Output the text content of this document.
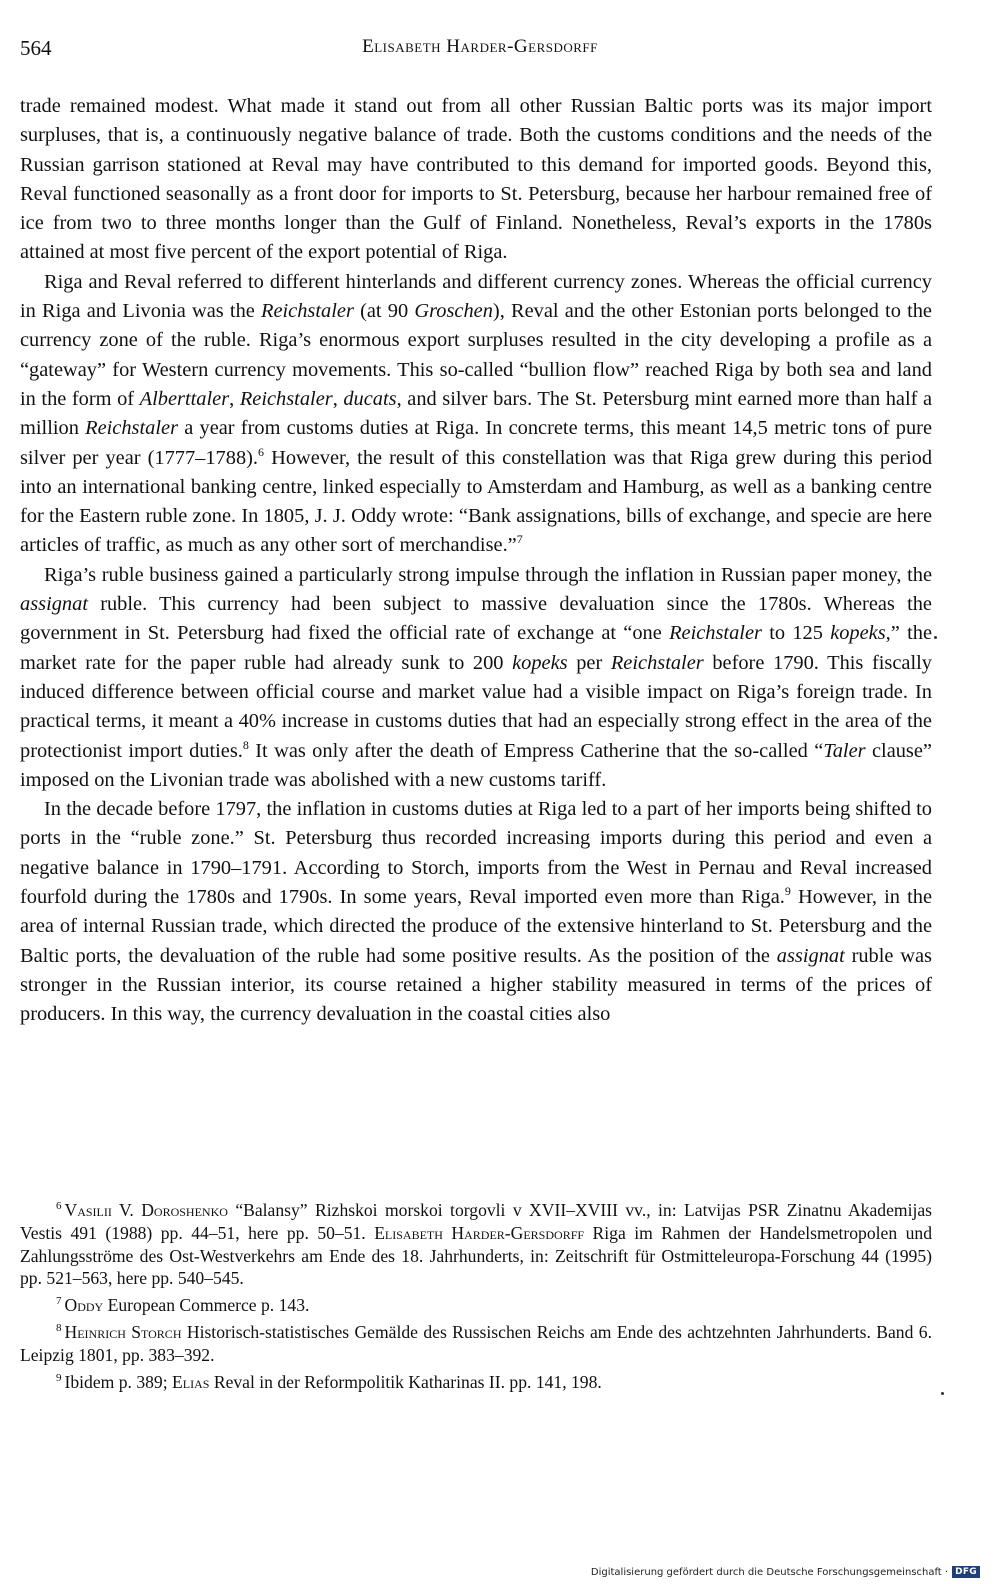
564	Elisabeth Harder-Gersdorff

trade remained modest. What made it stand out from all other Russian Baltic ports was its major import surpluses, that is, a continuously negative balance of trade. Both the customs conditions and the needs of the Russian garrison stationed at Reval may have contributed to this demand for imported goods. Beyond this, Reval functioned seasonally as a front door for imports to St. Petersburg, because her harbour remained free of ice from two to three months longer than the Gulf of Finland. Nonetheless, Reval’s exports in the 1780s attained at most five percent of the export potential of Riga.

Riga and Reval referred to different hinterlands and different currency zones. Whereas the official currency in Riga and Livonia was the Reichstaler (at 90 Groschen), Reval and the other Estonian ports belonged to the currency zone of the ruble. Riga’s enormous export surpluses resulted in the city developing a profile as a “gateway” for Western currency movements. This so-called “bullion flow” reached Riga by both sea and land in the form of Alberttaler, Reichstaler, ducats, and silver bars. The St. Petersburg mint earned more than half a million Reichstaler a year from customs duties at Riga. In concrete terms, this meant 14,5 metric tons of pure silver per year (1777–1788).$^6$ However, the result of this constellation was that Riga grew during this period into an international banking centre, linked especially to Amsterdam and Hamburg, as well as a banking centre for the Eastern ruble zone. In 1805, J. J. Oddy wrote: “Bank assignations, bills of exchange, and specie are here articles of traffic, as much as any other sort of merchandise.”$^7$

Riga’s ruble business gained a particularly strong impulse through the inflation in Russian paper money, the assignat ruble. This currency had been subject to massive devaluation since the 1780s. Whereas the government in St. Petersburg had fixed the official rate of exchange at “one Reichstaler to 125 kopeks,” the market rate for the paper ruble had already sunk to 200 kopeks per Reichstaler before 1790. This fiscally induced difference between official course and market value had a visible impact on Riga’s foreign trade. In practical terms, it meant a 40% increase in customs duties that had an especially strong effect in the area of the protectionist import duties.$^8$ It was only after the death of Empress Catherine that the so-called “Taler clause” imposed on the Livonian trade was abolished with a new customs tariff.

In the decade before 1797, the inflation in customs duties at Riga led to a part of her imports being shifted to ports in the “ruble zone.” St. Petersburg thus recorded increasing imports during this period and even a negative balance in 1790–1791. According to Storch, imports from the West in Pernau and Reval increased fourfold during the 1780s and 1790s. In some years, Reval imported even more than Riga.$^9$ However, in the area of internal Russian trade, which directed the produce of the extensive hinterland to St. Petersburg and the Baltic ports, the devaluation of the ruble had some positive results. As the position of the assignat ruble was stronger in the Russian interior, its course retained a higher stability measured in terms of the prices of producers. In this way, the currency devaluation in the coastal cities also

$^6$ Vasilii V. Doroshenko “Balansy” Rizhskoi morskoi torgovli v XVII–XVIII vv., in: Latvijas PSR Zinatnu Akademijas Vestis 491 (1988) pp. 44–51, here pp. 50–51. Elisabeth Harder-Gersdorff Riga im Rahmen der Handelsmetropolen und Zahlungsströme des Ost-Westverkehrs am Ende des 18. Jahrhunderts, in: Zeitschrift für Ostmitteleuropa-Forschung 44 (1995) pp. 521–563, here pp. 540–545.

$^7$ Oddy European Commerce p. 143.

$^8$ Heinrich Storch Historisch-statistisches Gemälde des Russischen Reichs am Ende des achtzehnten Jahrhunderts. Band 6. Leipzig 1801, pp. 383–392.

$^9$ Ibidem p. 389; Elias Reval in der Reformpolitik Katharinas II. pp. 141, 198.

Digitalisierung gefördert durch die Deutsche Forschungsgemeinschaft · DFG
